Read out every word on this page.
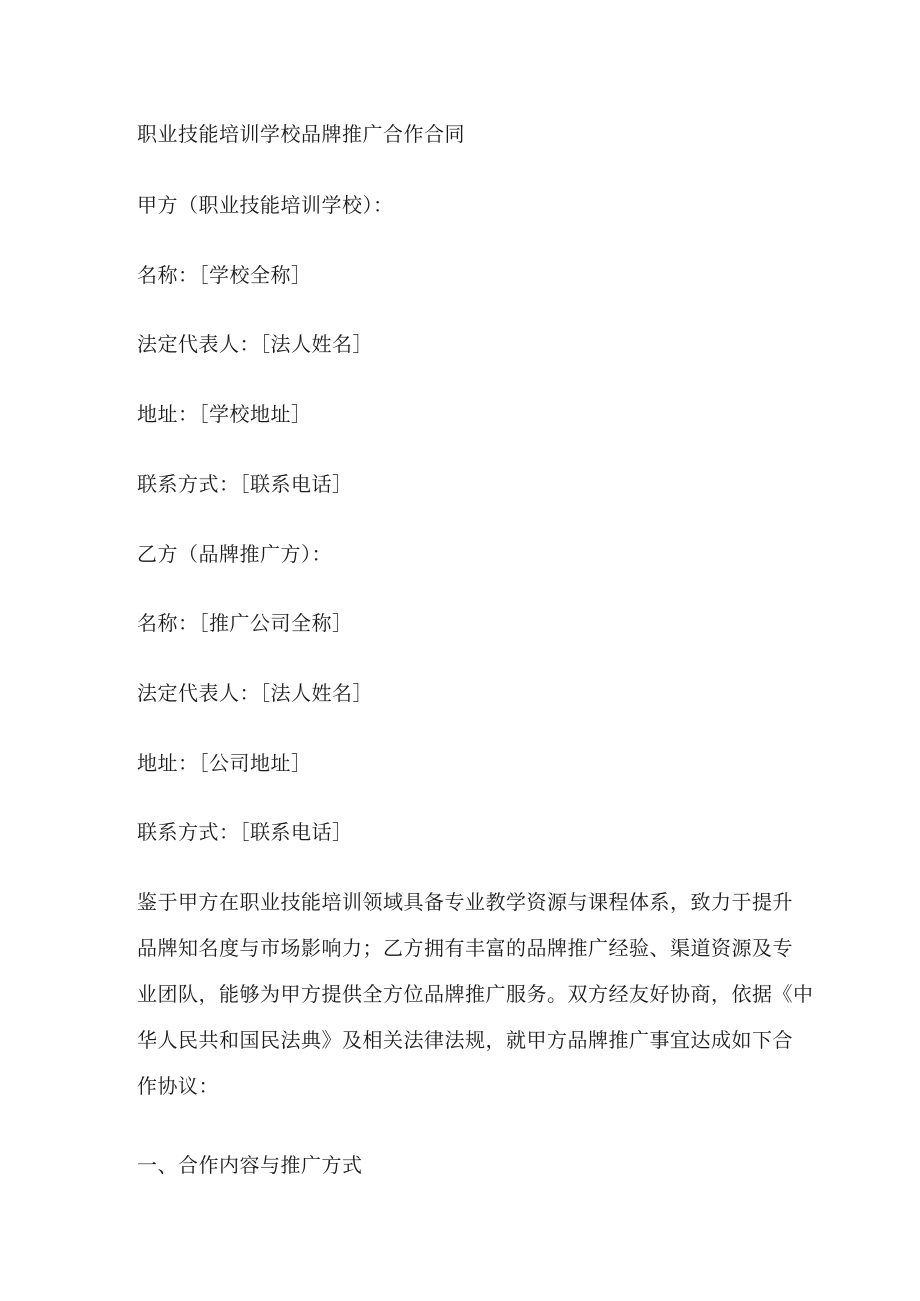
职业技能培训学校品牌推广合作合同
甲方（职业技能培训学校）：
名称：［学校全称］
法定代表人：［法人姓名］
地址：［学校地址］
联系方式：［联系电话］
乙方（品牌推广方）：
名称：［推广公司全称］
法定代表人：［法人姓名］
地址：［公司地址］
联系方式：［联系电话］
鉴于甲方在职业技能培训领域具备专业教学资源与课程体系，致力于提升
品牌知名度与市场影响力；乙方拥有丰富的品牌推广经验、渠道资源及专
业团队，能够为甲方提供全方位品牌推广服务。双方经友好协商，依据《中
华人民共和国民法典》及相关法律法规，就甲方品牌推广事宜达成如下合
作协议：
一、合作内容与推广方式
